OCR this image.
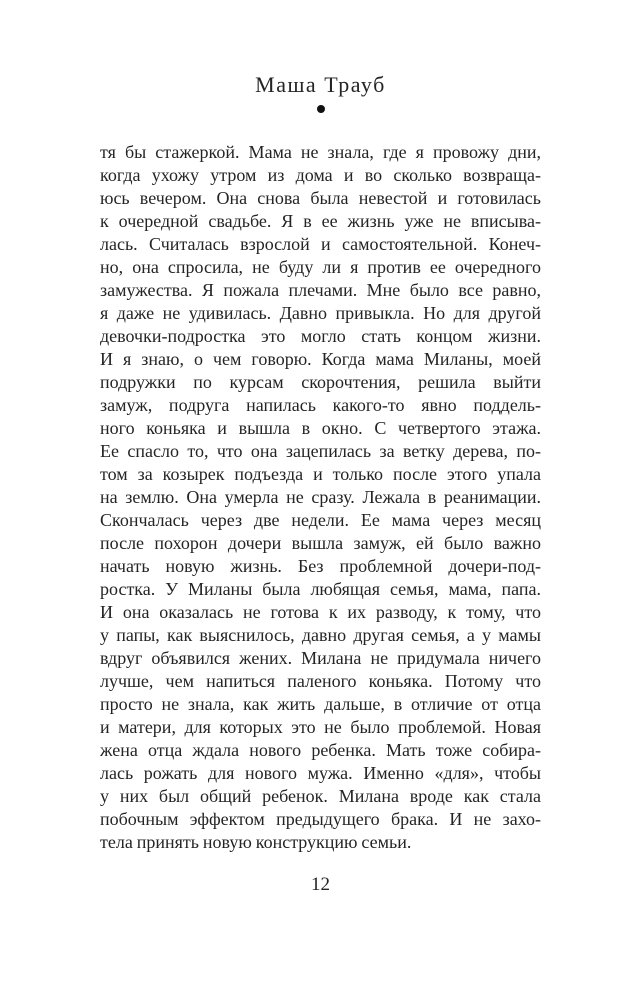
Маша Трауб
тя бы стажеркой. Мама не знала, где я провожу дни,
когда ухожу утром из дома и во сколько возвраща-
юсь вечером. Она снова была невестой и готовилась
к очередной свадьбе. Я в ее жизнь уже не вписыва-
лась. Считалась взрослой и самостоятельной. Конеч-
но, она спросила, не буду ли я против ее очередного
замужества. Я пожала плечами. Мне было все равно,
я даже не удивилась. Давно привыкла. Но для другой
девочки-подростка это могло стать концом жизни.
И я знаю, о чем говорю. Когда мама Миланы, моей
подружки по курсам скорочтения, решила выйти
замуж, подруга напилась какого-то явно поддель-
ного коньяка и вышла в окно. С четвертого этажа.
Ее спасло то, что она зацепилась за ветку дерева, по-
том за козырек подъезда и только после этого упала
на землю. Она умерла не сразу. Лежала в реанимации.
Скончалась через две недели. Ее мама через месяц
после похорон дочери вышла замуж, ей было важно
начать новую жизнь. Без проблемной дочери-под-
ростка. У Миланы была любящая семья, мама, папа.
И она оказалась не готова к их разводу, к тому, что
у папы, как выяснилось, давно другая семья, а у мамы
вдруг объявился жених. Милана не придумала ничего
лучше, чем напиться паленого коньяка. Потому что
просто не знала, как жить дальше, в отличие от отца
и матери, для которых это не было проблемой. Новая
жена отца ждала нового ребенка. Мать тоже собира-
лась рожать для нового мужа. Именно «для», чтобы
у них был общий ребенок. Милана вроде как стала
побочным эффектом предыдущего брака. И не захо-
тела принять новую конструкцию семьи.
12
